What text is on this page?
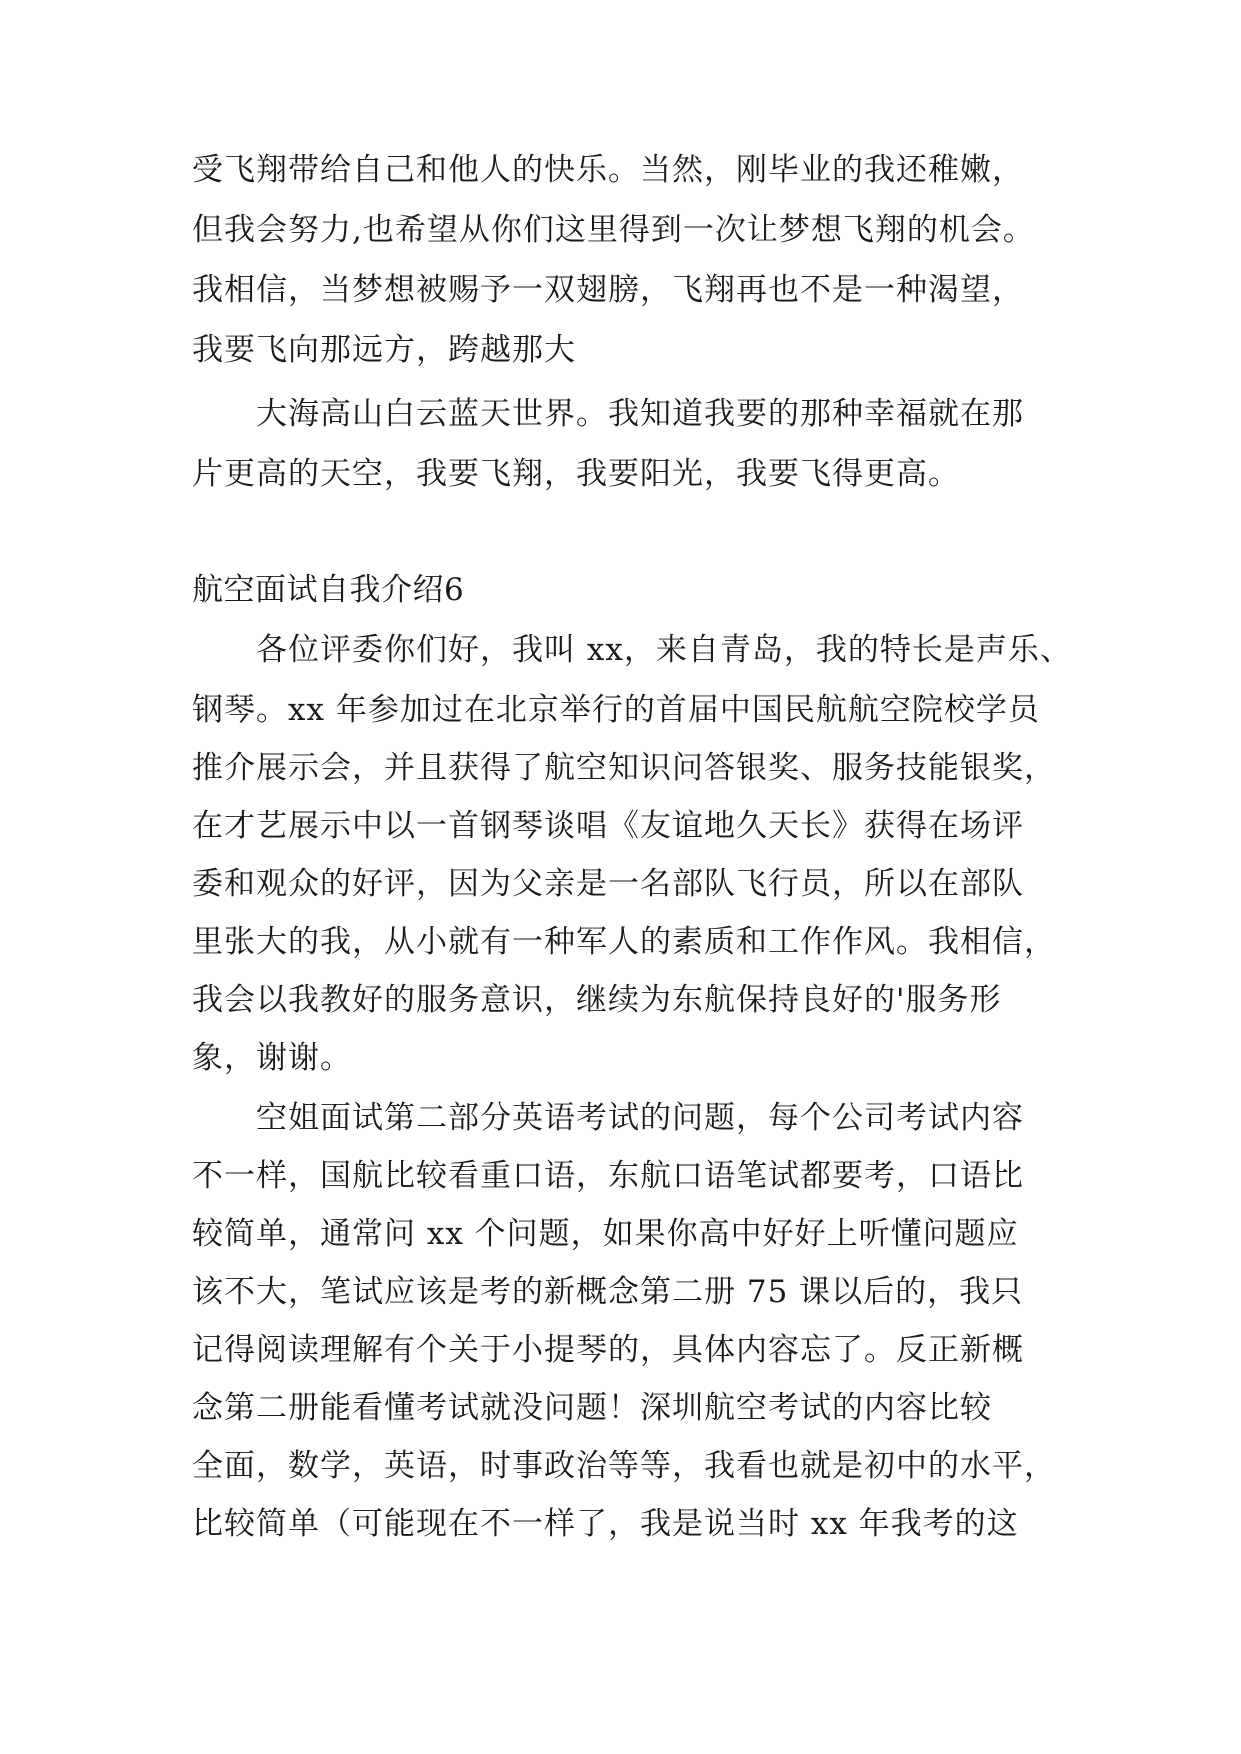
受飞翔带给自己和他人的快乐。当然，刚毕业的我还稚嫩，
但我会努力,也希望从你们这里得到一次让梦想飞翔的机会。
我相信，当梦想被赐予一双翅膀，飞翔再也不是一种渴望，
我要飞向那远方，跨越那大
大海高山白云蓝天世界。我知道我要的那种幸福就在那
片更高的天空，我要飞翔，我要阳光，我要飞得更高。
航空面试自我介绍6
各位评委你们好，我叫 xx，来自青岛，我的特长是声乐、
钢琴。xx 年参加过在北京举行的首届中国民航航空院校学员
推介展示会，并且获得了航空知识问答银奖、服务技能银奖，
在才艺展示中以一首钢琴谈唱《友谊地久天长》获得在场评
委和观众的好评，因为父亲是一名部队飞行员，所以在部队
里张大的我，从小就有一种军人的素质和工作作风。我相信，
我会以我教好的服务意识，继续为东航保持良好的'服务形
象，谢谢。
空姐面试第二部分英语考试的问题，每个公司考试内容
不一样，国航比较看重口语，东航口语笔试都要考，口语比
较简单，通常问 xx 个问题，如果你高中好好上听懂问题应
该不大，笔试应该是考的新概念第二册 75 课以后的，我只
记得阅读理解有个关于小提琴的，具体内容忘了。反正新概
念第二册能看懂考试就没问题！深圳航空考试的内容比较
全面，数学，英语，时事政治等等，我看也就是初中的水平，
比较简单（可能现在不一样了，我是说当时 xx 年我考的这
